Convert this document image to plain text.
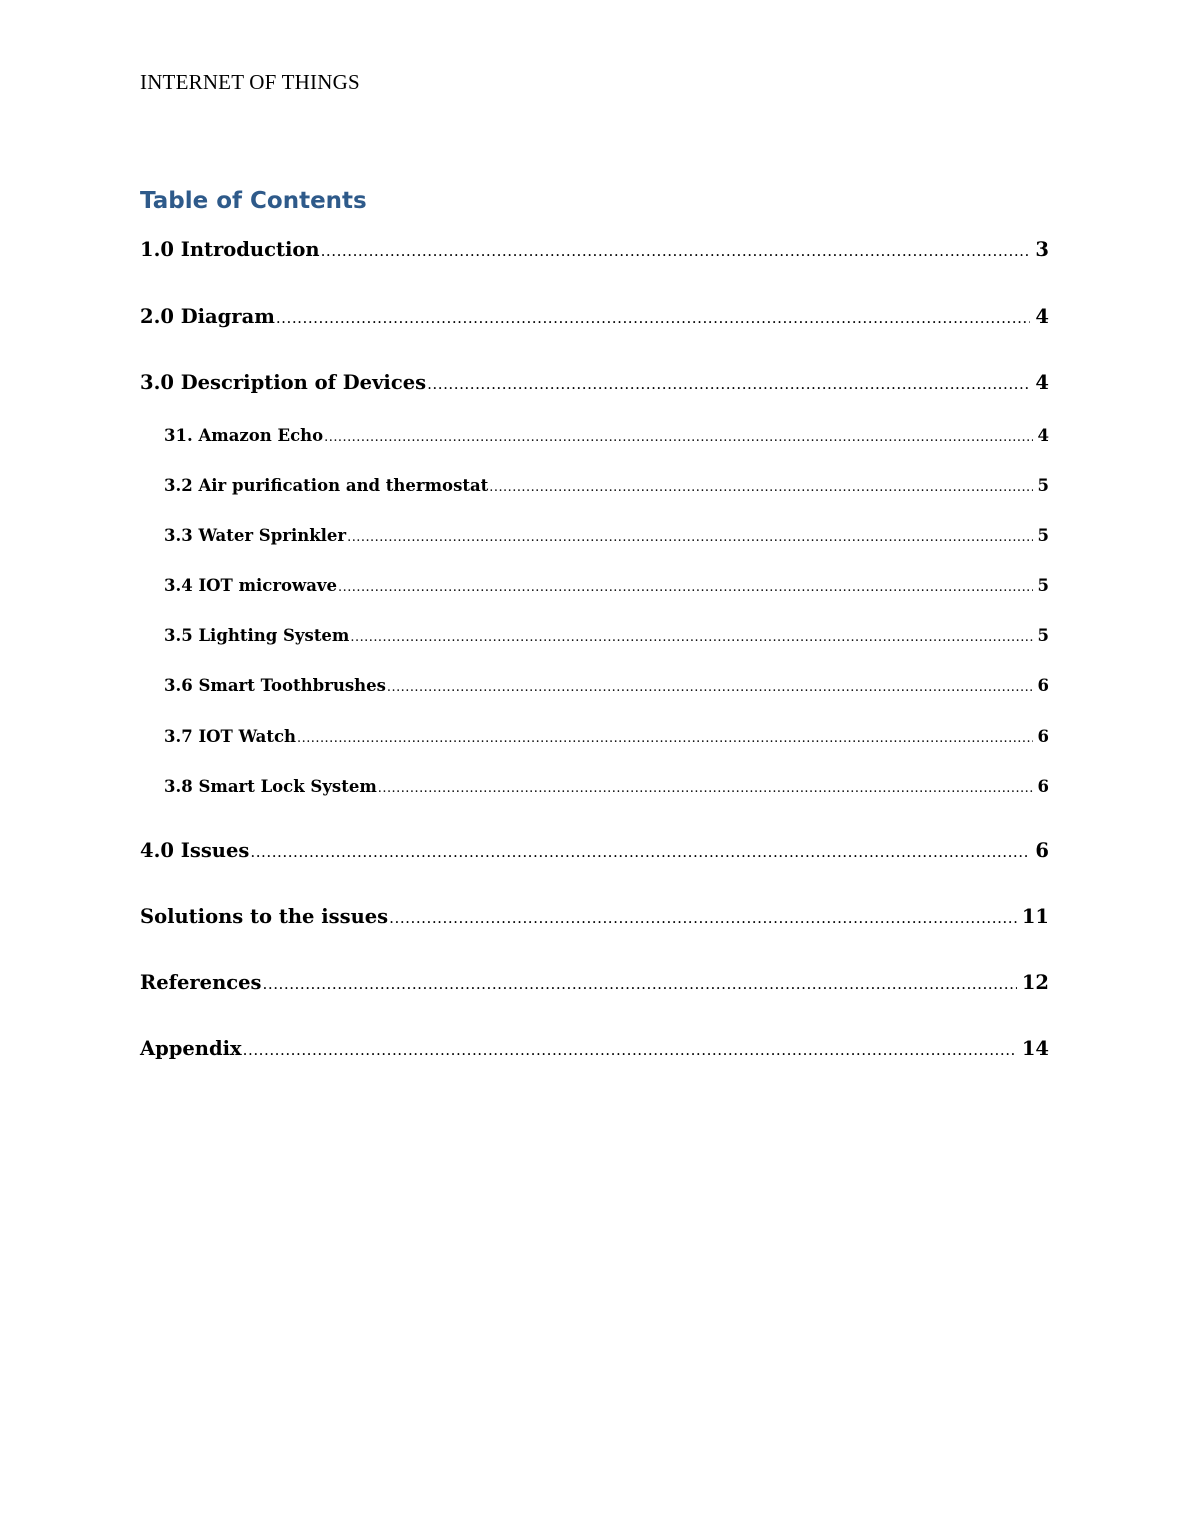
INTERNET OF THINGS
Table of Contents
1.0 Introduction .....	3
2.0 Diagram .....	4
3.0 Description of Devices .....	4
31. Amazon Echo .....	4
3.2 Air purification and thermostat .....	5
3.3 Water Sprinkler .....	5
3.4 IOT microwave .....	5
3.5 Lighting System .....	5
3.6 Smart Toothbrushes .....	6
3.7 IOT Watch .....	6
3.8 Smart Lock System .....	6
4.0 Issues .....	6
Solutions to the issues .....	11
References .....	12
Appendix .....	14
